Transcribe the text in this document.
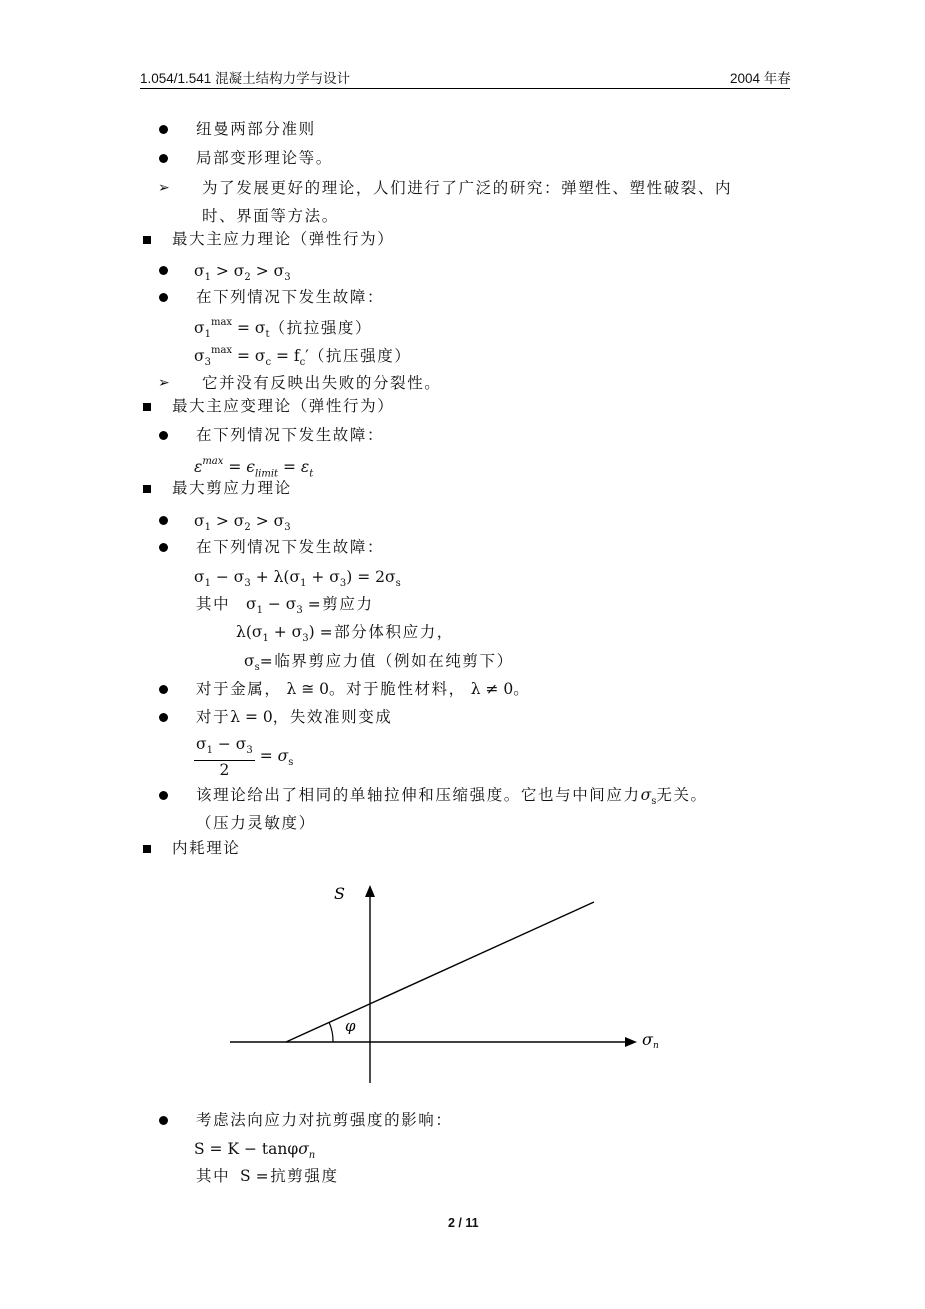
1.054/1.541 混凝土结构力学与设计	2004 年春
纽曼两部分准则
局部变形理论等。
➢ 为了发展更好的理论，人们进行了广泛的研究：弹塑性、塑性破裂、内
时、界面等方法。
最大主应力理论（弹性行为）
$\sigma_1 > \sigma_2 > \sigma_3$
在下列情况下发生故障：
$\sigma_1^{max} = \sigma_t$（抗拉强度）
$\sigma_3^{max} = \sigma_c = f_c'$（抗压强度）
➢ 它并没有反映出失败的分裂性。
最大主应变理论（弹性行为）
在下列情况下发生故障：
$\varepsilon^{max} = \epsilon_{limit} = \varepsilon_t$
最大剪应力理论
$\sigma_1 > \sigma_2 > \sigma_3$
在下列情况下发生故障：
$\sigma_1 - \sigma_3 + \lambda(\sigma_1 + \sigma_3) = 2\sigma_s$
其中 $\sigma_1 - \sigma_3$ =剪应力
$\lambda(\sigma_1 + \sigma_3)$ =部分体积应力，
$\sigma_s=$临界剪应力值（例如在纯剪下）
对于金属， λ ≅ 0。对于脆性材料， λ ≠ 0。
对于λ = 0，失效准则变成
$\frac{\sigma_1 - \sigma_3}{2} = \sigma_s$
该理论给出了相同的单轴拉伸和压缩强度。它也与中间应力$\sigma_s$无关。
（压力灵敏度）
内耗理论
S
φ
σ n
考虑法向应力对抗剪强度的影响：
S = K − tanφσ$_n$
其中  S =抗剪强度
2 / 11
